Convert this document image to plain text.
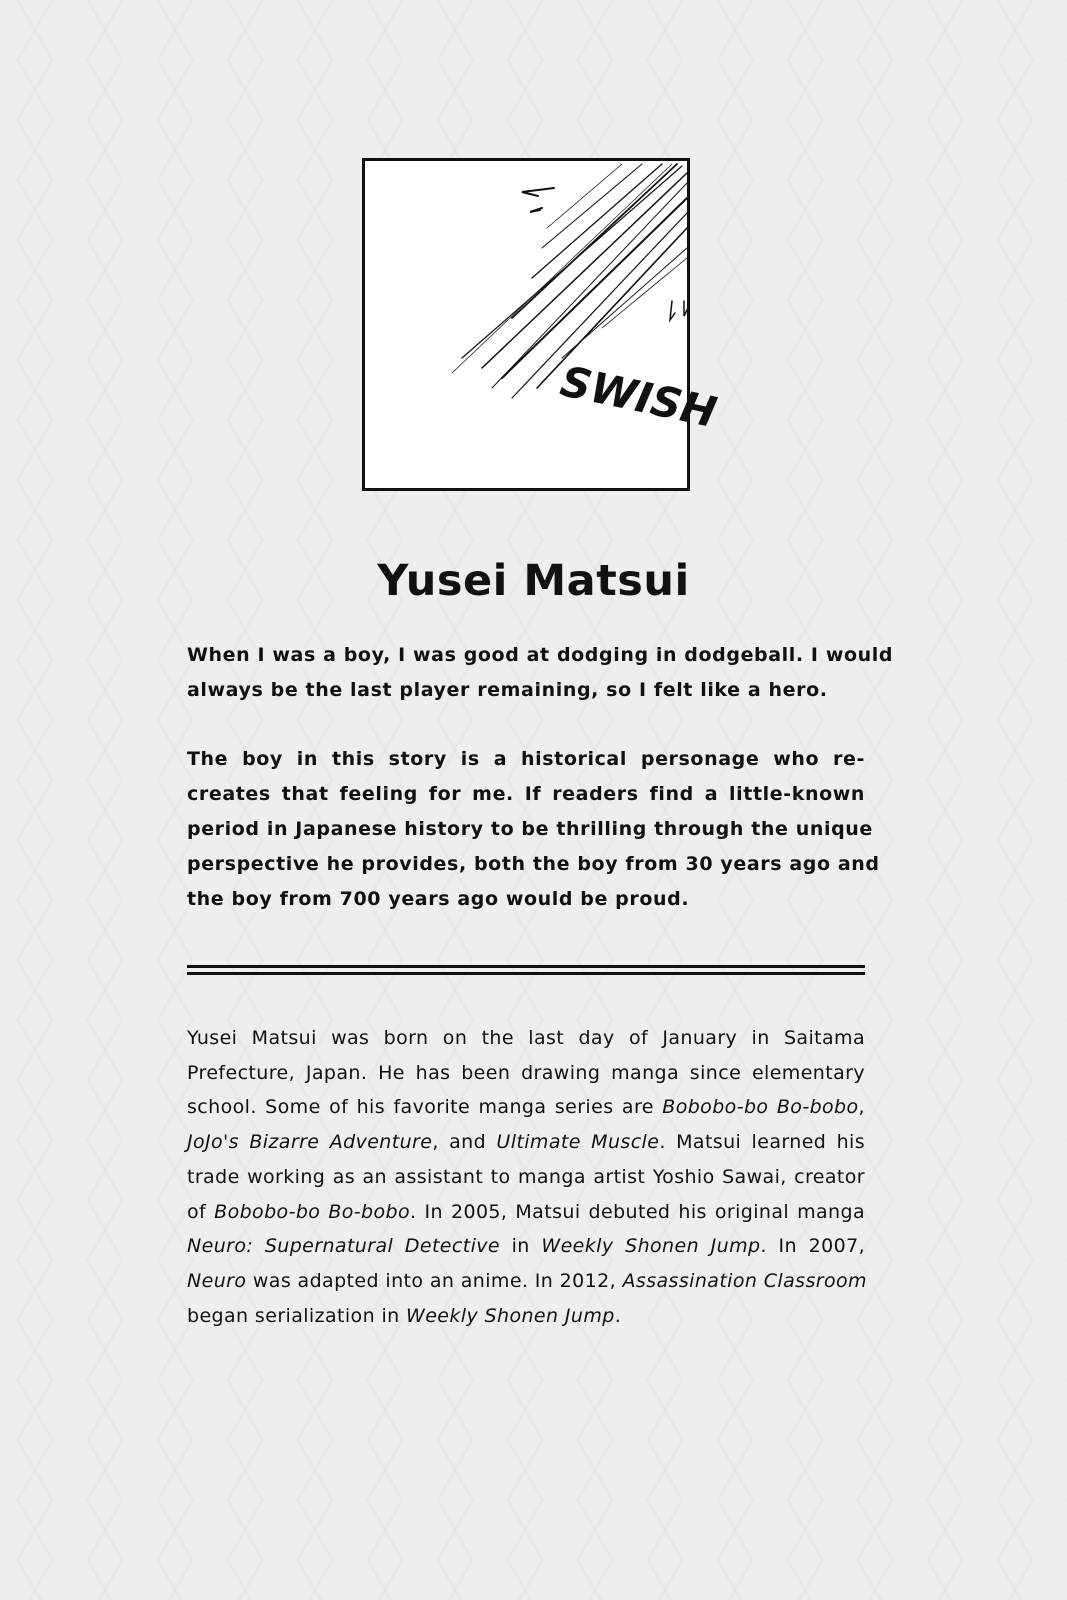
SWISH
Yusei Matsui
When I was a boy, I was good at dodging in dodgeball. I would
always be the last player remaining, so I felt like a hero.
The boy in this story is a historical personage who re-
creates that feeling for me. If readers find a little-known
period in Japanese history to be thrilling through the unique
perspective he provides, both the boy from 30 years ago and
the boy from 700 years ago would be proud.
Yusei Matsui was born on the last day of January in Saitama
Prefecture, Japan. He has been drawing manga since elementary
school. Some of his favorite manga series are Bobobo-bo Bo-bobo,
JoJo's Bizarre Adventure, and Ultimate Muscle. Matsui learned his
trade working as an assistant to manga artist Yoshio Sawai, creator
of Bobobo-bo Bo-bobo. In 2005, Matsui debuted his original manga
Neuro: Supernatural Detective in Weekly Shonen Jump. In 2007,
Neuro was adapted into an anime. In 2012, Assassination Classroom
began serialization in Weekly Shonen Jump.
